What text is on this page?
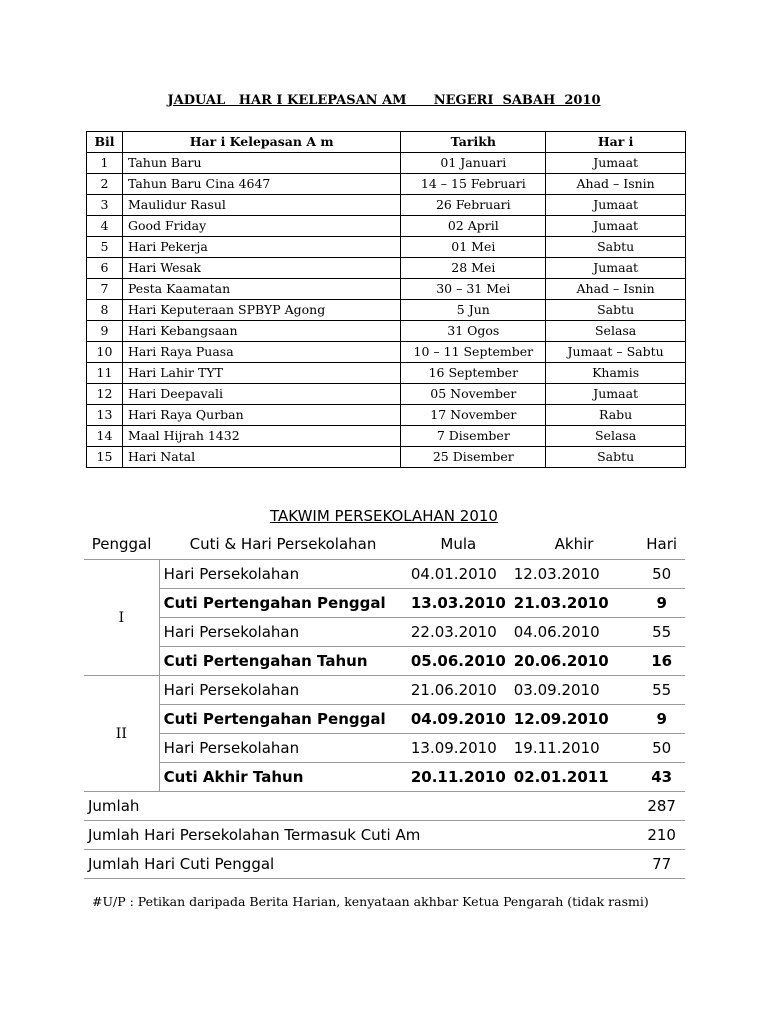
JADUAL   HAR I KELEPASAN AM      NEGERI  SABAH  2010
Bil	Har i Kelepasan A m	Tarikh	Har i
1	Tahun Baru	01 Januari	Jumaat
2	Tahun Baru Cina 4647	14 – 15 Februari	Ahad – Isnin
3	Maulidur Rasul	26 Februari	Jumaat
4	Good Friday	02 April	Jumaat
5	Hari Pekerja	01 Mei	Sabtu
6	Hari Wesak	28 Mei	Jumaat
7	Pesta Kaamatan	30 – 31 Mei	Ahad – Isnin
8	Hari Keputeraan SPBYP Agong	5 Jun	Sabtu
9	Hari Kebangsaan	31 Ogos	Selasa
10	Hari Raya Puasa	10 – 11 September	Jumaat – Sabtu
11	Hari Lahir TYT	16 September	Khamis
12	Hari Deepavali	05 November	Jumaat
13	Hari Raya Qurban	17 November	Rabu
14	Maal Hijrah 1432	7 Disember	Selasa
15	Hari Natal	25 Disember	Sabtu
TAKWIM PERSEKOLAHAN 2010
Penggal	Cuti & Hari Persekolahan	Mula	Akhir	Hari
I	Hari Persekolahan	04.01.2010	12.03.2010	50
	Cuti Pertengahan Penggal	13.03.2010	21.03.2010	9
	Hari Persekolahan	22.03.2010	04.06.2010	55
	Cuti Pertengahan Tahun	05.06.2010	20.06.2010	16
II	Hari Persekolahan	21.06.2010	03.09.2010	55
	Cuti Pertengahan Penggal	04.09.2010	12.09.2010	9
	Hari Persekolahan	13.09.2010	19.11.2010	50
	Cuti Akhir Tahun	20.11.2010	02.01.2011	43
Jumlah				287
Jumlah Hari Persekolahan Termasuk Cuti Am				210
Jumlah Hari Cuti Penggal				77
#U/P : Petikan daripada Berita Harian, kenyataan akhbar Ketua Pengarah (tidak rasmi)
